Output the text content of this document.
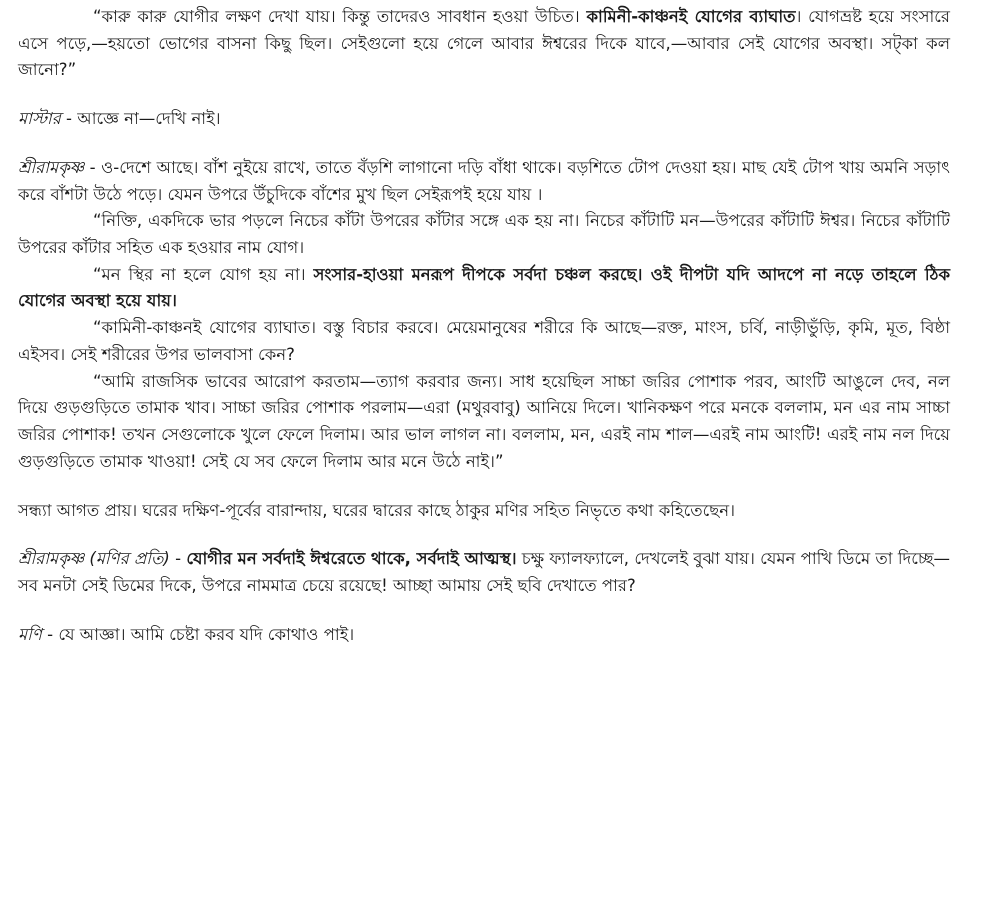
“কারু কারু যোগীর লক্ষণ দেখা যায়। কিন্তু তাদেরও সাবধান হওয়া উচিত। কামিনী-কাঞ্চনই যোগের ব্যাঘাত। যোগভ্রষ্ট হয়ে সংসারে এসে পড়ে,—হয়তো ভোগের বাসনা কিছু ছিল। সেইগুলো হয়ে গেলে আবার ঈশ্বরের দিকে যাবে,—আবার সেই যোগের অবস্থা। সট্‌কা কল জানো?”

মাস্টার - আজ্ঞে না—দেখি নাই।

শ্রীরামকৃষ্ণ - ও-দেশে আছে। বাঁশ নুইয়ে রাখে, তাতে বঁড়শি লাগানো দড়ি বাঁধা থাকে। বড়শিতে টোপ দেওয়া হয়। মাছ যেই টোপ খায় অমনি সড়াৎ করে বাঁশটা উঠে পড়ে। যেমন উপরে উঁচুদিকে বাঁশের মুখ ছিল সেইরূপই হয়ে যায় ।

“নিক্তি, একদিকে ভার পড়লে নিচের কাঁটা উপরের কাঁটার সঙ্গে এক হয় না। নিচের কাঁটাটি মন—উপরের কাঁটাটি ঈশ্বর। নিচের কাঁটাটি উপরের কাঁটার সহিত এক হওয়ার নাম যোগ।

“মন স্থির না হলে যোগ হয় না। সংসার-হাওয়া মনরূপ দীপকে সর্বদা চঞ্চল করছে। ওই দীপটা যদি আদপে না নড়ে তাহলে ঠিক যোগের অবস্থা হয়ে যায়।

“কামিনী-কাঞ্চনই যোগের ব্যাঘাত। বস্তু বিচার করবে। মেয়েমানুষের শরীরে কি আছে—রক্ত, মাংস, চর্বি, নাড়ীভুঁড়ি, কৃমি, মূত, বিষ্ঠা এইসব। সেই শরীরের উপর ভালবাসা কেন?

“আমি রাজসিক ভাবের আরোপ করতাম—ত্যাগ করবার জন্য। সাধ হয়েছিল সাচ্চা জরির পোশাক পরব, আংটি আঙুলে দেব, নল দিয়ে গুড়গুড়িতে তামাক খাব। সাচ্চা জরির পোশাক পরলাম—এরা (মথুরবাবু) আনিয়ে দিলে। খানিকক্ষণ পরে মনকে বললাম, মন এর নাম সাচ্চা জরির পোশাক! তখন সেগুলোকে খুলে ফেলে দিলাম। আর ভাল লাগল না। বললাম, মন, এরই নাম শাল—এরই নাম আংটি! এরই নাম নল দিয়ে গুড়গুড়িতে তামাক খাওয়া! সেই যে সব ফেলে দিলাম আর মনে উঠে নাই।”

সন্ধ্যা আগত প্রায়। ঘরের দক্ষিণ-পূর্বের বারান্দায়, ঘরের দ্বারের কাছে ঠাকুর মণির সহিত নিভৃতে কথা কহিতেছেন।

শ্রীরামকৃষ্ণ (মণির প্রতি) - যোগীর মন সর্বদাই ঈশ্বরেতে থাকে, সর্বদাই আত্মস্থ। চক্ষু ফ্যালফ্যালে, দেখলেই বুঝা যায়। যেমন পাখি ডিমে তা দিচ্ছে—সব মনটা সেই ডিমের দিকে, উপরে নামমাত্র চেয়ে রয়েছে! আচ্ছা আমায় সেই ছবি দেখাতে পার?

মণি - যে আজ্ঞা। আমি চেষ্টা করব যদি কোথাও পাই।
